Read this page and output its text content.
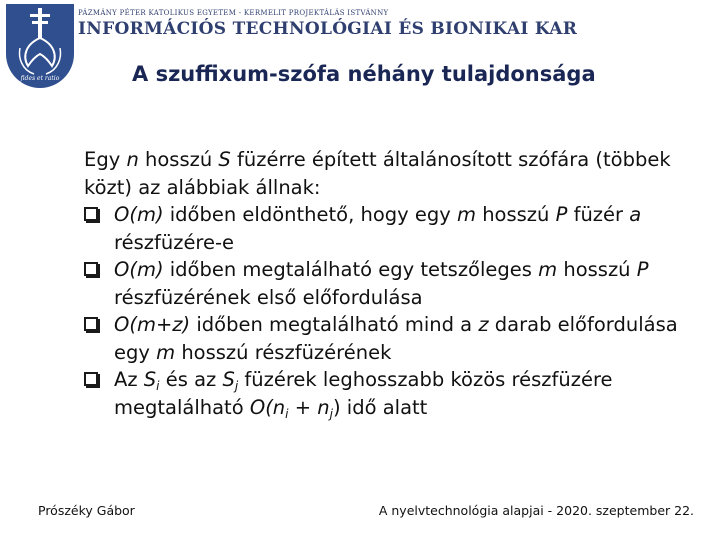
fides et ratio
PÁZMÁNY PÉTER KATOLIKUS EGYETEM - KERMELIT PROJEKTÁLÁS ISTVÁNNY
INFORMÁCIÓS TECHNOLÓGIAI ÉS BIONIKAI KAR
A szuffixum-szófa néhány tulajdonsága

Egy n hosszú S füzérre épített általánosított szófára (többek közt) az alábbiak állnak:

O(m) időben eldönthető, hogy egy m hosszú P füzér a részfüzére-e
O(m) időben megtalálható egy tetszőleges m hosszú P részfüzérének első előfordulása
O(m+z) időben megtalálható mind a z darab előfordulása egy m hosszú részfüzérének
Az $S_i$ és az $S_j$ füzérek leghosszabb közös részfüzére megtalálható $O(n_i + n_j)$ idő alatt
Prószéky Gábor	A nyelvtechnológia alapjai - 2020. szeptember 22.
